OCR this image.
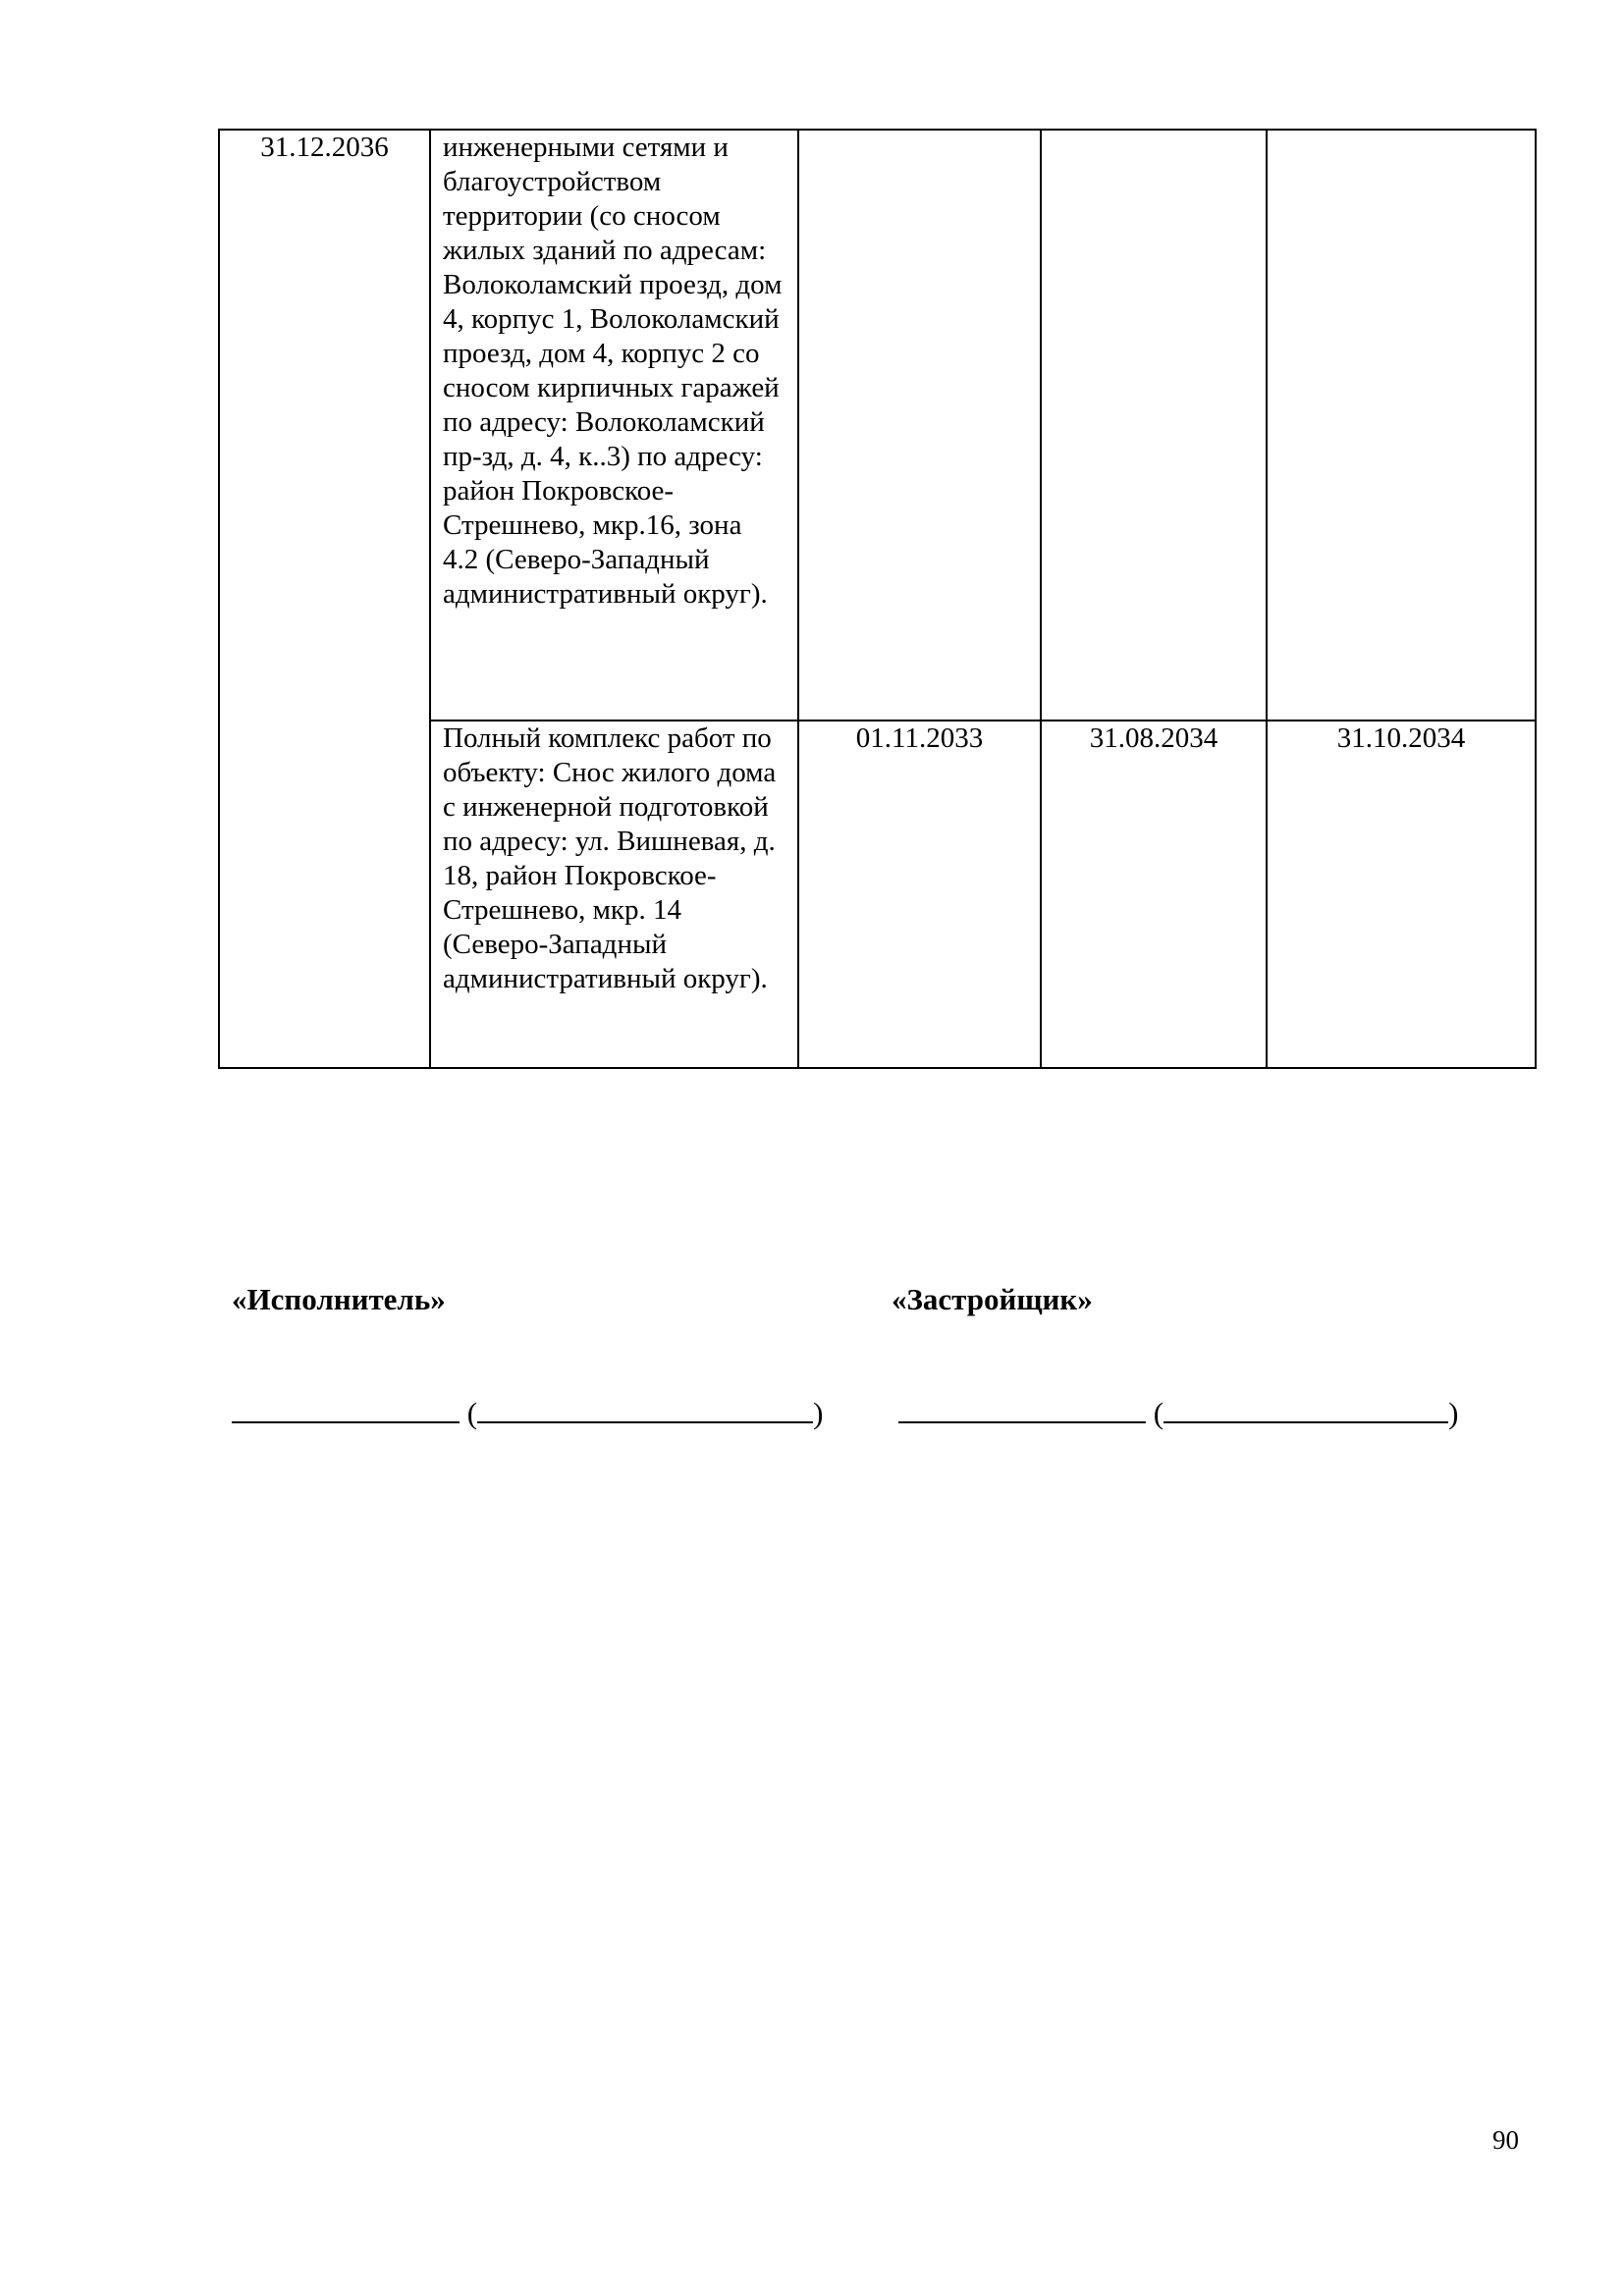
31.12.2036	инженерными сетями и благоустройством территории (со сносом жилых зданий по адресам: Волоколамский проезд, дом 4, корпус 1, Волоколамский проезд, дом 4, корпус 2 со сносом кирпичных гаражей по адресу: Волоколамский пр-зд, д. 4, к..3) по адресу: район Покровское-Стрешнево, мкр.16, зона 4.2 (Северо-Западный административный округ).			
	Полный комплекс работ по объекту: Снос жилого дома с инженерной подготовкой по адресу: ул. Вишневая, д. 18, район Покровское-Стрешнево, мкр. 14 (Северо-Западный административный округ).	01.11.2033	31.08.2034	31.10.2034
«Исполнитель»	«Застройщик»
(	)	(	)
90
